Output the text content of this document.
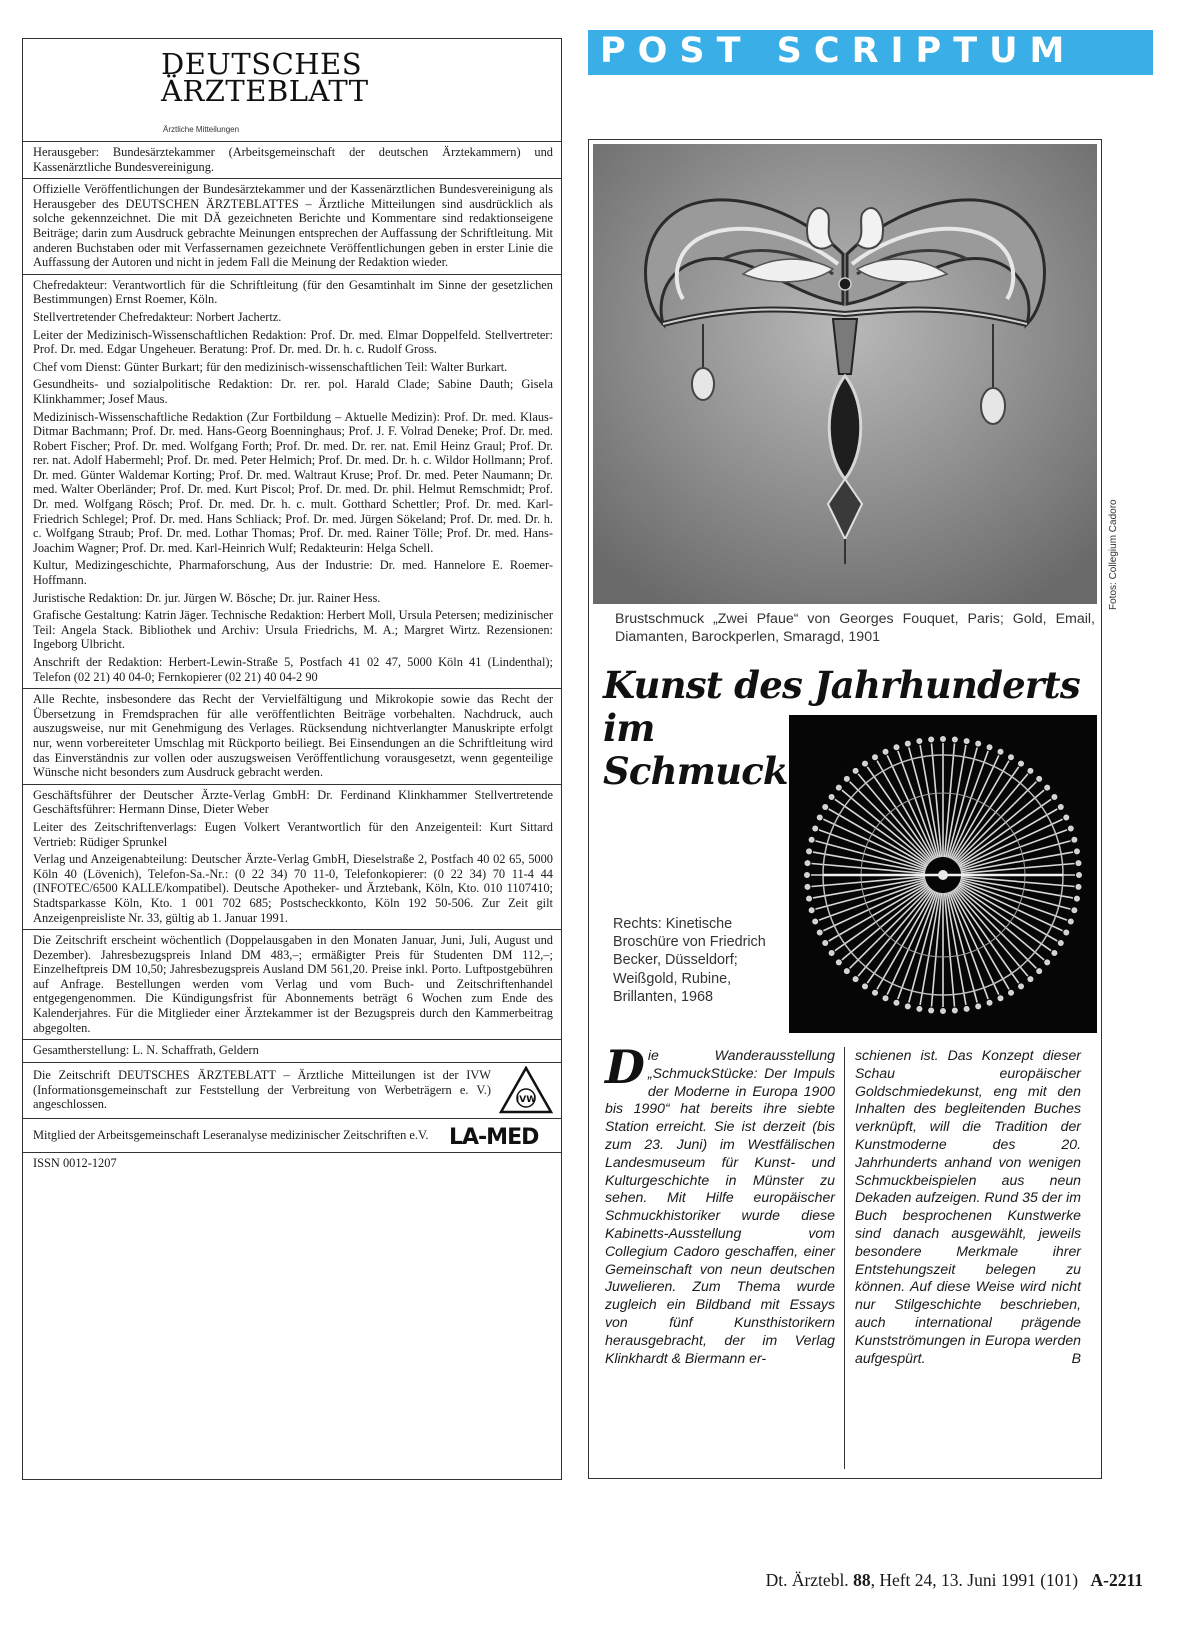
DEUTSCHES
ÄRZTEBLATT
Ärztliche Mitteilungen

Herausgeber: Bundesärztekammer (Arbeitsgemeinschaft der deutschen Ärztekammern) und Kassenärztliche Bundesvereinigung.

Offizielle Veröffentlichungen der Bundesärztekammer und der Kassenärztlichen Bundesvereinigung als Herausgeber des DEUTSCHEN ÄRZTEBLATTES – Ärztliche Mitteilungen sind ausdrücklich als solche gekennzeichnet. Die mit DÄ gezeichneten Berichte und Kommentare sind redaktionseigene Beiträge; darin zum Ausdruck gebrachte Meinungen entsprechen der Auffassung der Schriftleitung. Mit anderen Buchstaben oder mit Verfassernamen gezeichnete Veröffentlichungen geben in erster Linie die Auffassung der Autoren und nicht in jedem Fall die Meinung der Redaktion wieder.

Chefredakteur: Verantwortlich für die Schriftleitung (für den Gesamtinhalt im Sinne der gesetzlichen Bestimmungen) Ernst Roemer, Köln.

Stellvertretender Chefredakteur: Norbert Jachertz.

Leiter der Medizinisch-Wissenschaftlichen Redaktion: Prof. Dr. med. Elmar Doppelfeld. Stellvertreter: Prof. Dr. med. Edgar Ungeheuer. Beratung: Prof. Dr. med. Dr. h. c. Rudolf Gross.

Chef vom Dienst: Günter Burkart; für den medizinisch-wissenschaftlichen Teil: Walter Burkart.

Gesundheits- und sozialpolitische Redaktion: Dr. rer. pol. Harald Clade; Sabine Dauth; Gisela Klinkhammer; Josef Maus.

Medizinisch-Wissenschaftliche Redaktion (Zur Fortbildung – Aktuelle Medizin): Prof. Dr. med. Klaus-Ditmar Bachmann; Prof. Dr. med. Hans-Georg Boenninghaus; Prof. J. F. Volrad Deneke; Prof. Dr. med. Robert Fischer; Prof. Dr. med. Wolfgang Forth; Prof. Dr. med. Dr. rer. nat. Emil Heinz Graul; Prof. Dr. rer. nat. Adolf Habermehl; Prof. Dr. med. Peter Helmich; Prof. Dr. med. Dr. h. c. Wildor Hollmann; Prof. Dr. med. Günter Waldemar Korting; Prof. Dr. med. Waltraut Kruse; Prof. Dr. med. Peter Naumann; Dr. med. Walter Oberländer; Prof. Dr. med. Kurt Piscol; Prof. Dr. med. Dr. phil. Helmut Remschmidt; Prof. Dr. med. Wolfgang Rösch; Prof. Dr. med. Dr. h. c. mult. Gotthard Schettler; Prof. Dr. med. Karl-Friedrich Schlegel; Prof. Dr. med. Hans Schliack; Prof. Dr. med. Jürgen Sökeland; Prof. Dr. med. Dr. h. c. Wolfgang Straub; Prof. Dr. med. Lothar Thomas; Prof. Dr. med. Rainer Tölle; Prof. Dr. med. Hans-Joachim Wagner; Prof. Dr. med. Karl-Heinrich Wulf; Redakteurin: Helga Schell.

Kultur, Medizingeschichte, Pharmaforschung, Aus der Industrie: Dr. med. Hannelore E. Roemer-Hoffmann.

Juristische Redaktion: Dr. jur. Jürgen W. Bösche; Dr. jur. Rainer Hess.

Grafische Gestaltung: Katrin Jäger. Technische Redaktion: Herbert Moll, Ursula Petersen; medizinischer Teil: Angela Stack. Bibliothek und Archiv: Ursula Friedrichs, M. A.; Margret Wirtz. Rezensionen: Ingeborg Ulbricht.

Anschrift der Redaktion: Herbert-Lewin-Straße 5, Postfach 41 02 47, 5000 Köln 41 (Lindenthal); Telefon (02 21) 40 04-0; Fernkopierer (02 21) 40 04-2 90

Alle Rechte, insbesondere das Recht der Vervielfältigung und Mikrokopie sowie das Recht der Übersetzung in Fremdsprachen für alle veröffentlichten Beiträge vorbehalten. Nachdruck, auch auszugsweise, nur mit Genehmigung des Verlages. Rücksendung nichtverlangter Manuskripte erfolgt nur, wenn vorbereiteter Umschlag mit Rückporto beiliegt. Bei Einsendungen an die Schriftleitung wird das Einverständnis zur vollen oder auszugsweisen Veröffentlichung vorausgesetzt, wenn gegenteilige Wünsche nicht besonders zum Ausdruck gebracht werden.

Geschäftsführer der Deutscher Ärzte-Verlag GmbH: Dr. Ferdinand Klinkhammer Stellvertretende Geschäftsführer: Hermann Dinse, Dieter Weber

Leiter des Zeitschriftenverlags: Eugen Volkert Verantwortlich für den Anzeigenteil: Kurt Sittard Vertrieb: Rüdiger Sprunkel

Verlag und Anzeigenabteilung: Deutscher Ärzte-Verlag GmbH, Dieselstraße 2, Postfach 40 02 65, 5000 Köln 40 (Lövenich), Telefon-Sa.-Nr.: (0 22 34) 70 11-0, Telefonkopierer: (0 22 34) 70 11-4 44 (INFOTEC/6500 KALLE/kompatibel). Deutsche Apotheker- und Ärztebank, Köln, Kto. 010 1107410; Stadtsparkasse Köln, Kto. 1 001 702 685; Postscheckkonto, Köln 192 50-506. Zur Zeit gilt Anzeigenpreisliste Nr. 33, gültig ab 1. Januar 1991.

Die Zeitschrift erscheint wöchentlich (Doppelausgaben in den Monaten Januar, Juni, Juli, August und Dezember). Jahresbezugspreis Inland DM 483,–; ermäßigter Preis für Studenten DM 112,–; Einzelheftpreis DM 10,50; Jahresbezugspreis Ausland DM 561,20. Preise inkl. Porto. Luftpostgebühren auf Anfrage. Bestellungen werden vom Verlag und vom Buch- und Zeitschriftenhandel entgegengenommen. Die Kündigungsfrist für Abonnements beträgt 6 Wochen zum Ende des Kalenderjahres. Für die Mitglieder einer Ärztekammer ist der Bezugspreis durch den Kammerbeitrag abgegolten.

Gesamtherstellung: L. N. Schaffrath, Geldern

Die Zeitschrift DEUTSCHES ÄRZTEBLATT – Ärztliche Mitteilungen ist der IVW (Informationsgemeinschaft zur Feststellung der Verbreitung von Werbeträgern e. V.) angeschlossen.	IVW

Mitglied der Arbeitsgemeinschaft Leseranalyse medizinischer Zeitschriften e.V. LA-MED

ISSN 0012-1207

POST SCRIPTUM
Brustschmuck „Zwei Pfaue“ von Georges Fouquet, Paris; Gold, Email, Diamanten, Barockperlen, Smaragd, 1901
Kunst des Jahrhunderts
im
Schmuck
Rechts: Kinetische Broschüre von Friedrich Becker, Düsseldorf; Weißgold, Rubine, Brillanten, 1968
Die Wanderausstellung „SchmuckStücke: Der Impuls der Moderne in Europa 1900 bis 1990“ hat bereits ihre siebte Station erreicht. Sie ist derzeit (bis zum 23. Juni) im Westfälischen Landesmuseum für Kunst- und Kulturgeschichte in Münster zu sehen. Mit Hilfe europäischer Schmuckhistoriker wurde diese Kabinetts-Ausstellung vom Collegium Cadoro geschaffen, einer Gemeinschaft von neun deutschen Juwelieren. Zum Thema wurde zugleich ein Bildband mit Essays von fünf Kunsthistorikern herausgebracht, der im Verlag Klinkhardt & Biermann er-
schienen ist. Das Konzept dieser Schau europäischer Goldschmiedekunst, eng mit den Inhalten des begleitenden Buches verknüpft, will die Tradition der Kunstmoderne des 20. Jahrhunderts anhand von wenigen Schmuckbeispielen aus neun Dekaden aufzeigen. Rund 35 der im Buch besprochenen Kunstwerke sind danach ausgewählt, jeweils besondere Merkmale ihrer Entstehungszeit belegen zu können. Auf diese Weise wird nicht nur Stilgeschichte beschrieben, auch international prägende Kunstströmungen in Europa werden aufgespürt.	B
Fotos: Collegium Cadoro
Dt. Ärztebl. 88, Heft 24, 13. Juni 1991 (101) A-2211
